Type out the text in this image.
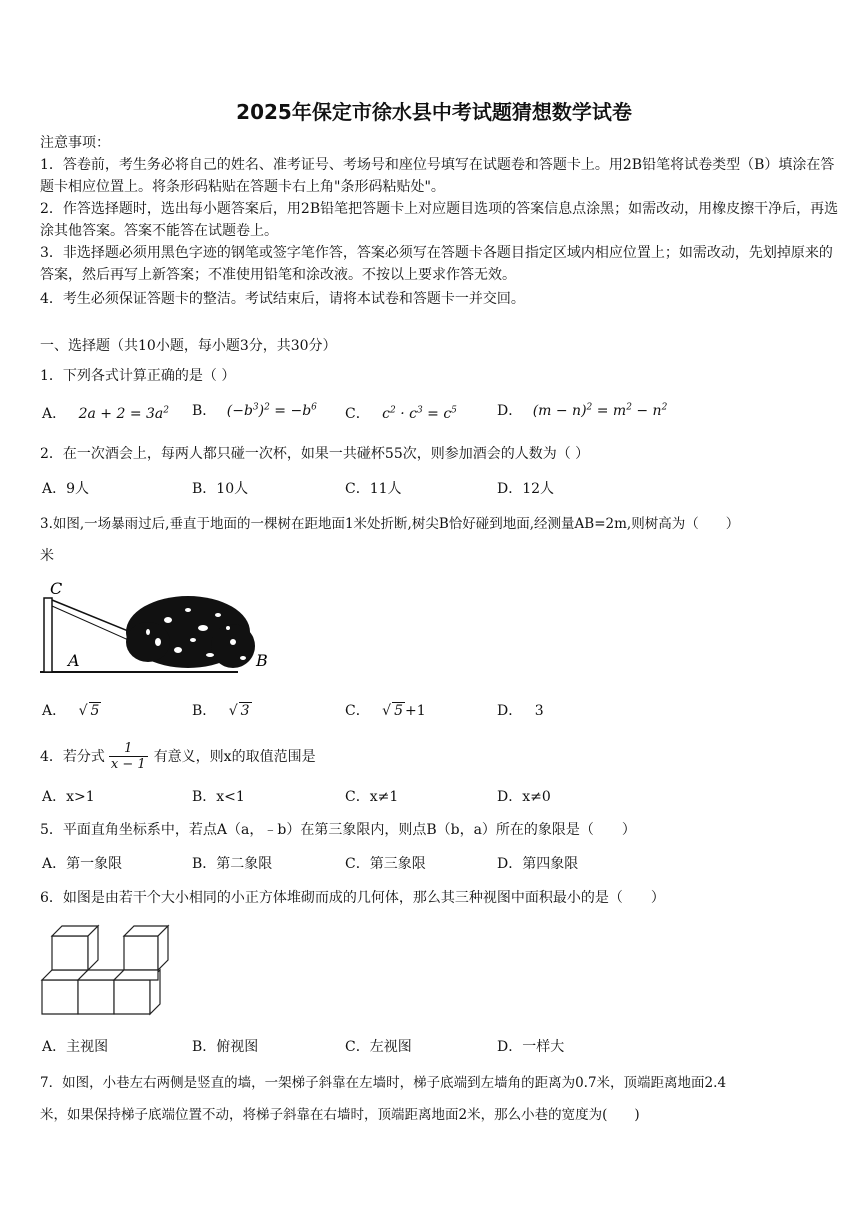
2025年保定市徐水县中考试题猜想数学试卷
注意事项：
1．答卷前，考生务必将自己的姓名、准考证号、考场号和座位号填写在试题卷和答题卡上。用2B铅笔将试卷类型（B）填涂在答题卡相应位置上。将条形码粘贴在答题卡右上角"条形码粘贴处"。
2．作答选择题时，选出每小题答案后，用2B铅笔把答题卡上对应题目选项的答案信息点涂黑；如需改动，用橡皮擦干净后，再选涂其他答案。答案不能答在试题卷上。
3．非选择题必须用黑色字迹的钢笔或签字笔作答，答案必须写在答题卡各题目指定区域内相应位置上；如需改动，先划掉原来的答案，然后再写上新答案；不准使用铅笔和涂改液。不按以上要求作答无效。
4．考生必须保证答题卡的整洁。考试结束后，请将本试卷和答题卡一并交回。
一、选择题（共10小题，每小题3分，共30分）
1．下列各式计算正确的是（ ）
A． $2a + 2 = 3a^2$ B． $(-b^3)^2 = -b^6$ C． $c^2 \cdot c^3 = c^5$	D． $(m - n)^2 = m^2 - n^2$
2．在一次酒会上，每两人都只碰一次杯，如果一共碰杯55次，则参加酒会的人数为（ ）
A．9人	B．10人	C．11人	D．12人
3.如图,一场暴雨过后,垂直于地面的一棵树在距地面1米处折断,树尖B恰好碰到地面,经测量AB=2m,则树高为（　　）
米
C
A	B
A． √ 5	B． √ 3	C． √ 5 +1	D． 3
4．若分式 $\frac{1}{x - 1}$ 有意义，则x的取值范围是
A．x>1	B．x<1	C．x≠1	D．x≠0
5．平面直角坐标系中，若点A（a，﹣b）在第三象限内，则点B（b，a）所在的象限是（　　）
A．第一象限	B．第二象限	C．第三象限	D．第四象限
6．如图是由若干个大小相同的小正方体堆砌而成的几何体，那么其三种视图中面积最小的是（　　）
A．主视图	B．俯视图	C．左视图	D．一样大
7．如图，小巷左右两侧是竖直的墙，一架梯子斜靠在左墙时，梯子底端到左墙角的距离为0.7米，顶端距离地面2.4
米，如果保持梯子底端位置不动，将梯子斜靠在右墙时，顶端距离地面2米，那么小巷的宽度为(　　)
